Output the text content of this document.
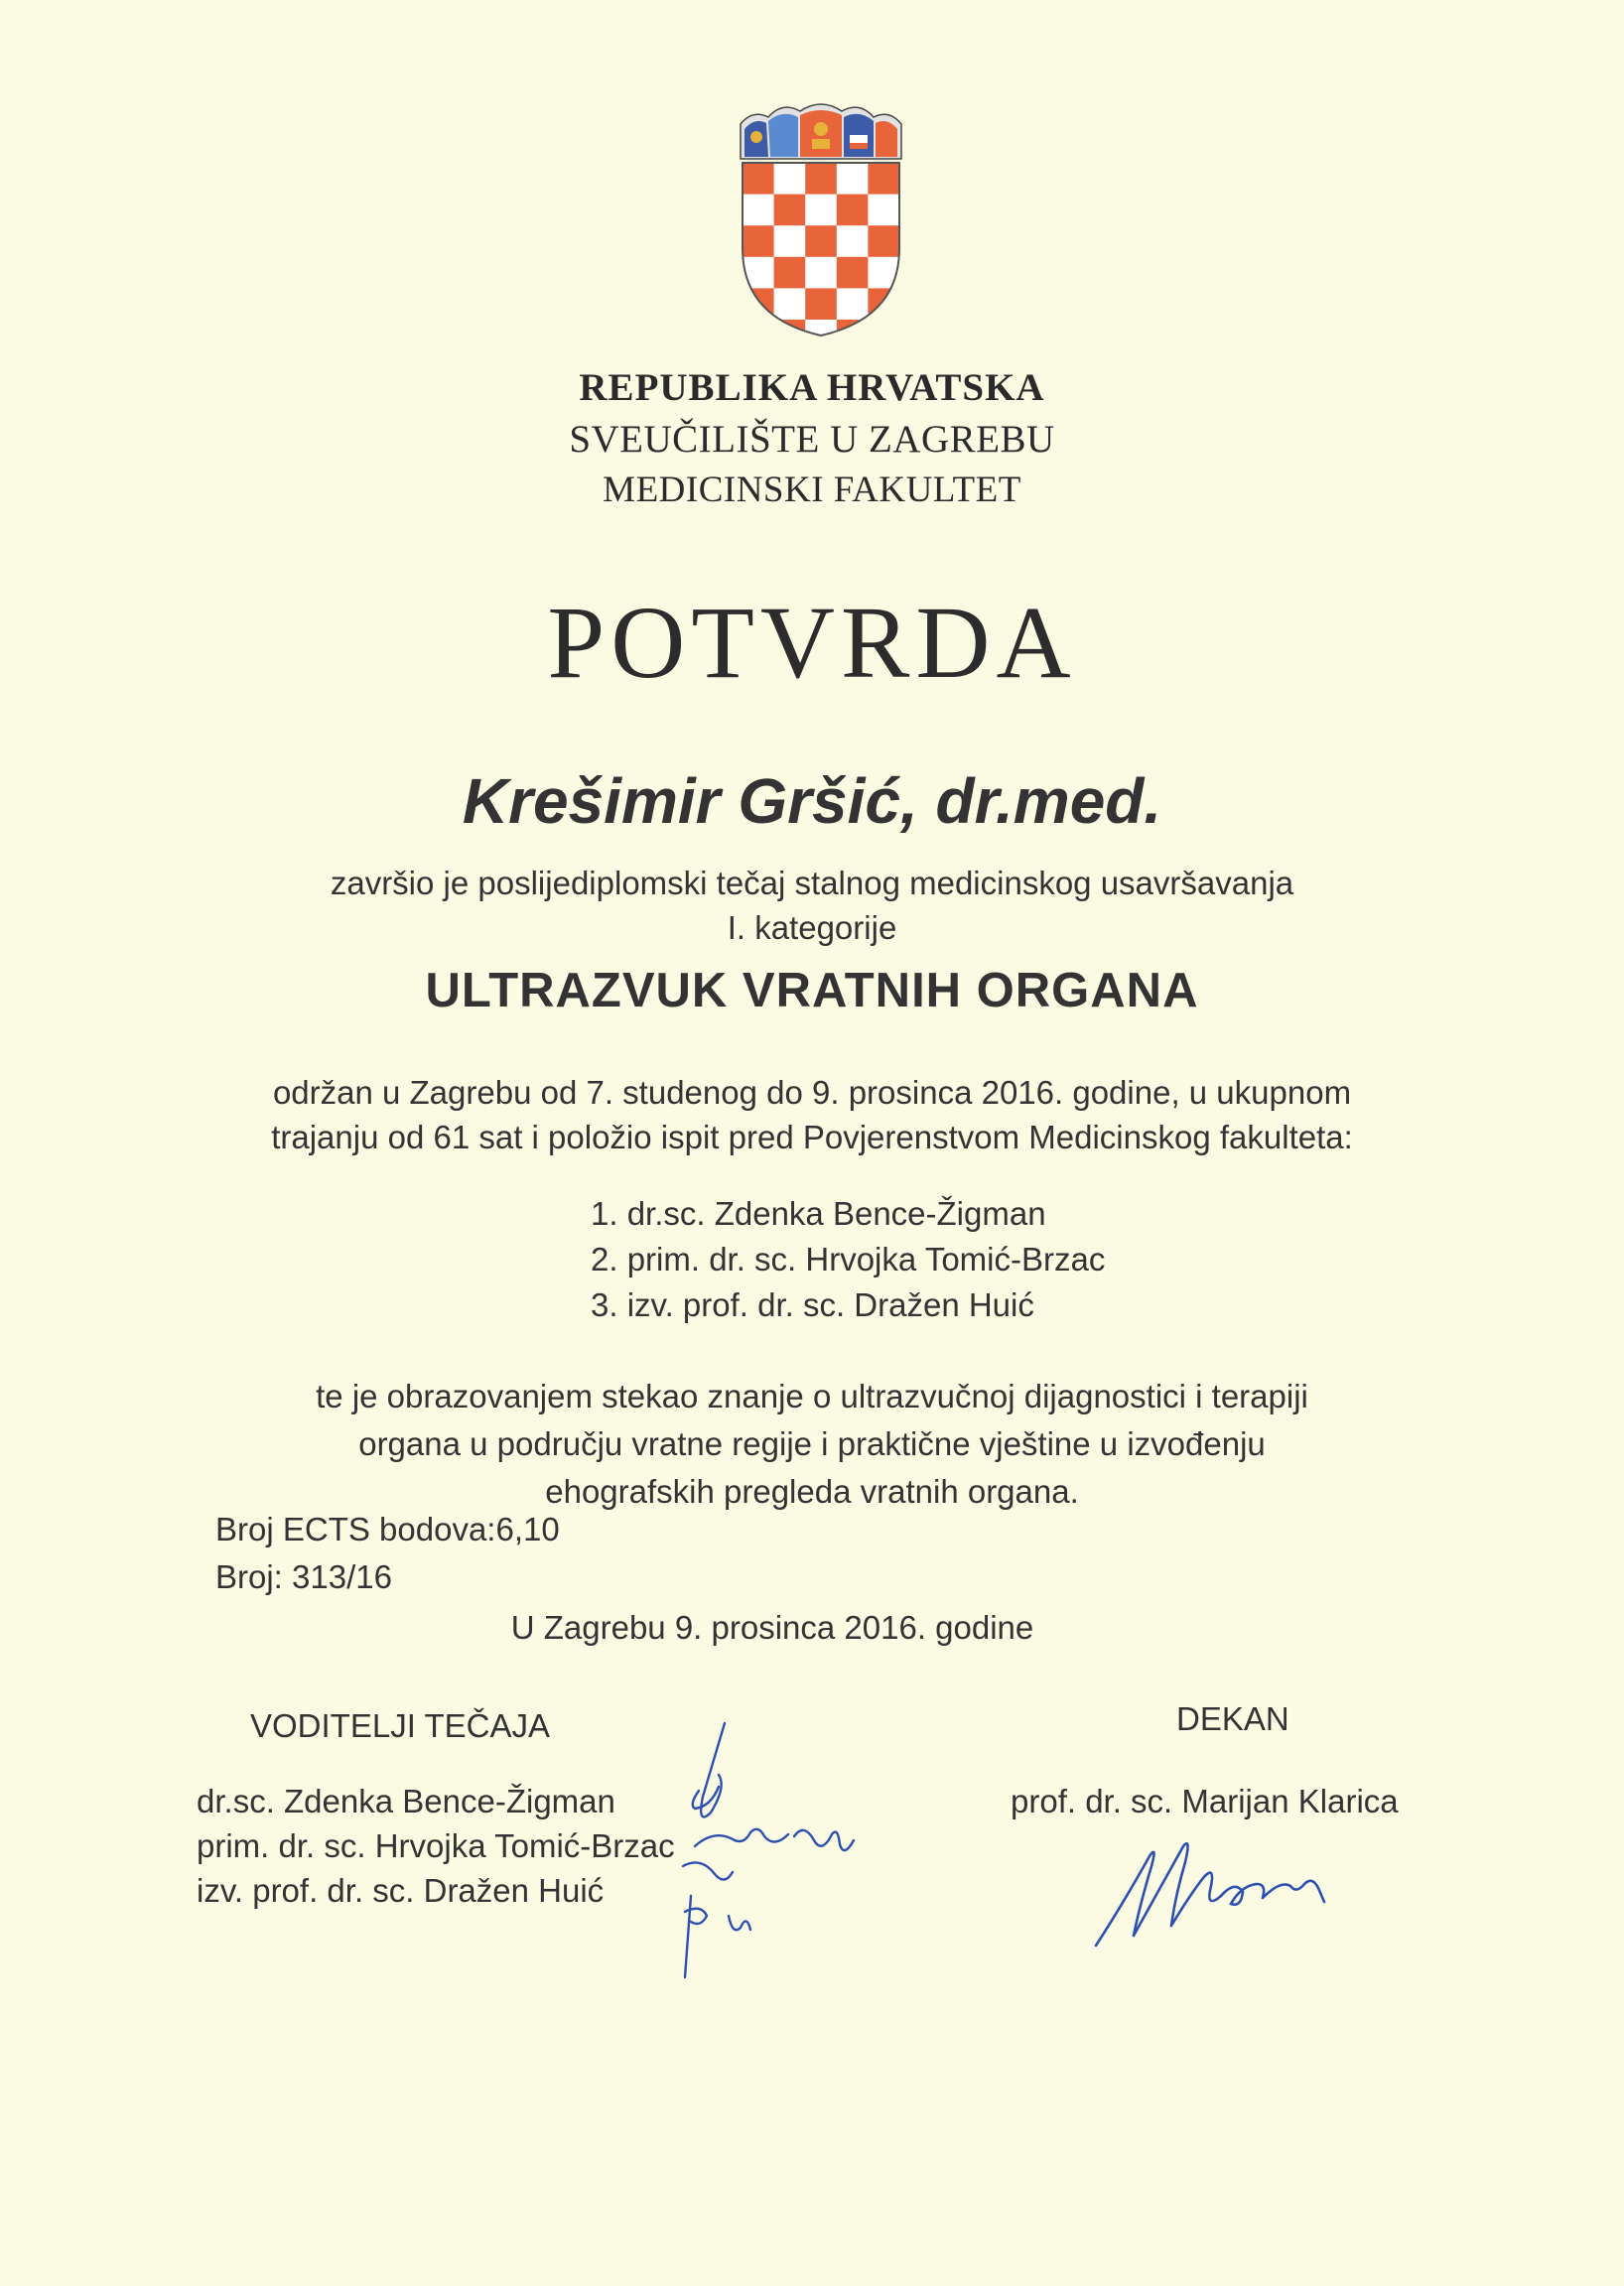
REPUBLIKA HRVATSKA
SVEUČILIŠTE U ZAGREBU
MEDICINSKI FAKULTET
POTVRDA
Krešimir Gršić, dr.med.
završio je poslijediplomski tečaj stalnog medicinskog usavršavanja
I. kategorije
ULTRAZVUK VRATNIH ORGANA
održan u Zagrebu od 7. studenog do 9. prosinca 2016. godine, u ukupnom
trajanju od 61 sat i položio ispit pred Povjerenstvom Medicinskog fakulteta:
1. dr.sc. Zdenka Bence-Žigman
2. prim. dr. sc. Hrvojka Tomić-Brzac
3. izv. prof. dr. sc. Dražen Huić
te je obrazovanjem stekao znanje o ultrazvučnoj dijagnostici i terapiji
organa u području vratne regije i praktične vještine u izvođenju
ehografskih pregleda vratnih organa.
Broj ECTS bodova:6,10
Broj: 313/16
U Zagrebu 9. prosinca 2016. godine
VODITELJI TEČAJA
dr.sc. Zdenka Bence-Žigman
prim. dr. sc. Hrvojka Tomić-Brzac
izv. prof. dr. sc. Dražen Huić
DEKAN
prof. dr. sc. Marijan Klarica
